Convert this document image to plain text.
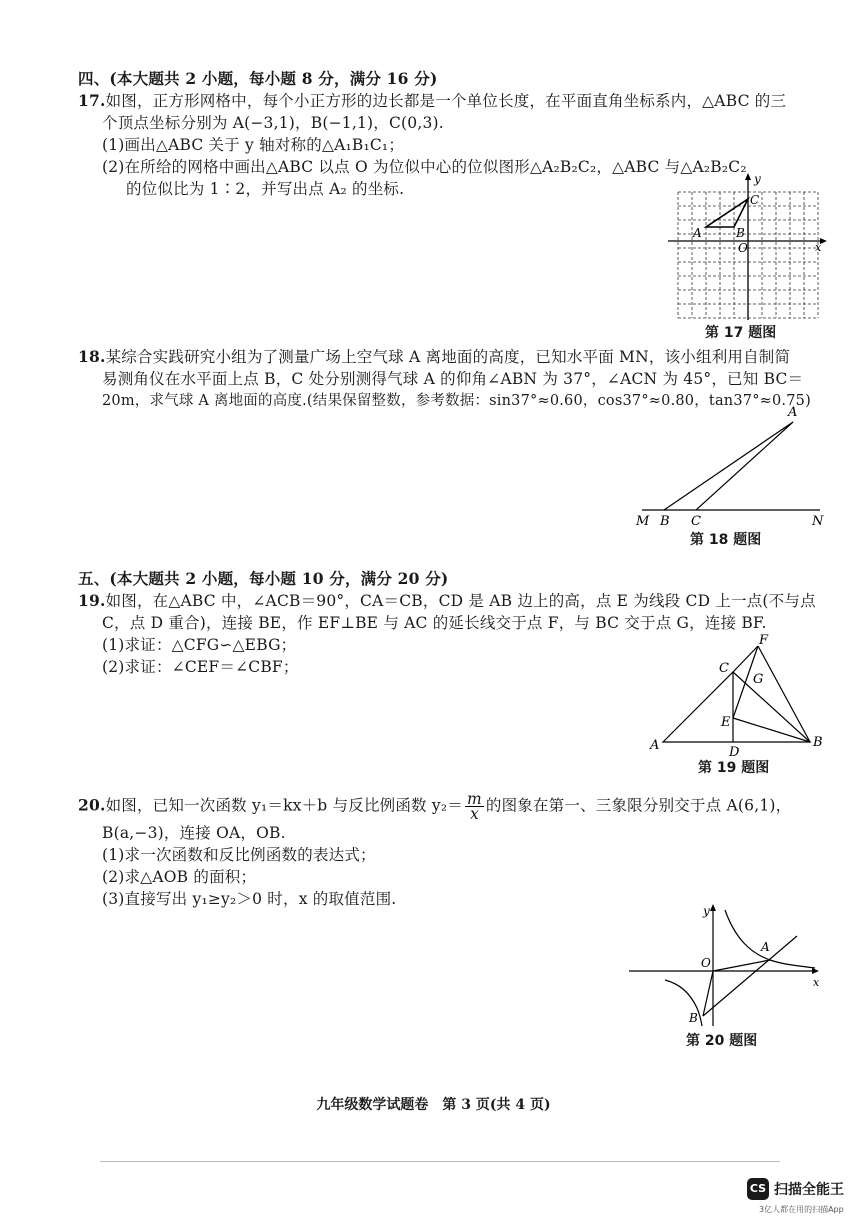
四、(本大题共 2 小题，每小题 8 分，满分 16 分)
17.如图，正方形网格中，每个小正方形的边长都是一个单位长度，在平面直角坐标系内，△ABC 的三
个顶点坐标分别为 A(−3,1)，B(−1,1)，C(0,3).
(1)画出△ABC 关于 y 轴对称的△A₁B₁C₁；
(2)在所给的网格中画出△ABC 以点 O 为位似中心的位似图形△A₂B₂C₂，△ABC 与△A₂B₂C₂
的位似比为 1∶2，并写出点 A₂ 的坐标.
y
x
C
A	B
O
第 17 题图
18.某综合实践研究小组为了测量广场上空气球 A 离地面的高度，已知水平面 MN，该小组利用自制简
易测角仪在水平面上点 B，C 处分别测得气球 A 的仰角∠ABN 为 37°，∠ACN 为 45°，已知 BC＝
20m，求气球 A 离地面的高度.(结果保留整数，参考数据：sin37°≈0.60，cos37°≈0.80，tan37°≈0.75)
A
M B C	N
第 18 题图
五、(本大题共 2 小题，每小题 10 分，满分 20 分)
19.如图，在△ABC 中，∠ACB＝90°，CA＝CB，CD 是 AB 边上的高，点 E 为线段 CD 上一点(不与点
C，点 D 重合)，连接 BE，作 EF⊥BE 与 AC 的延长线交于点 F，与 BC 交于点 G，连接 BF.
(1)求证：△CFG∽△EBG；
(2)求证：∠CEF＝∠CBF；
F
C
G
E
A	D
B
第 19 题图
20.如图，已知一次函数 y₁＝kx＋b 与反比例函数 $y_2= \frac{m}{x}$ 的图象在第一、三象限分别交于点 A(6,1)，
B(a,−3)，连接 OA，OB.
(1)求一次函数和反比例函数的表达式；
(2)求△AOB 的面积；
(3)直接写出 y₁≥y₂＞0 时，x 的取值范围.
y
x
O
A
B
第 20 题图
九年级数学试题卷　第 3 页(共 4 页)
CS 扫描全能王
3亿人都在用的扫描App
